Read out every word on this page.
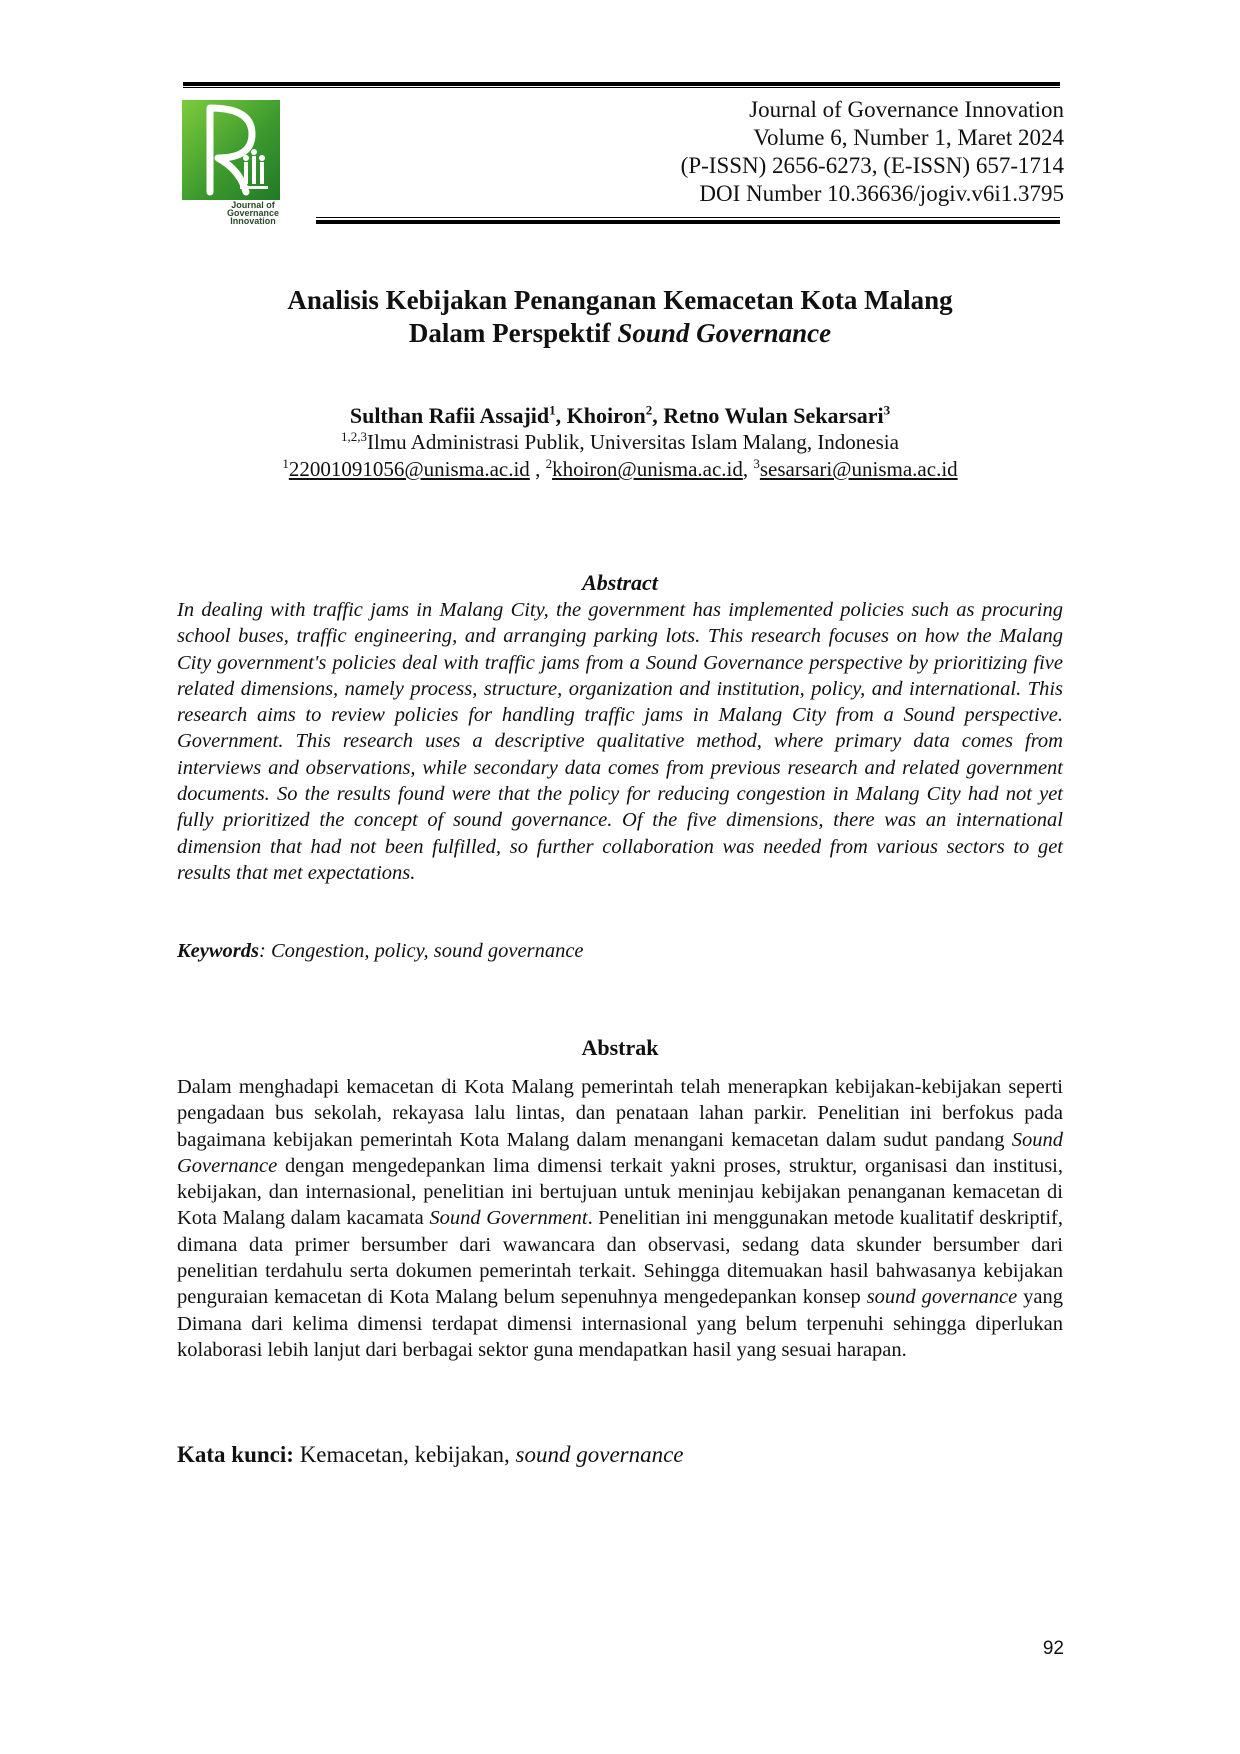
Journal of
Governance
Innovation
Journal of Governance Innovation
Volume 6, Number 1, Maret 2024
(P-ISSN) 2656-6273, (E-ISSN) 657-1714
DOI Number 10.36636/jogiv.v6i1.3795
Analisis Kebijakan Penanganan Kemacetan Kota Malang
Dalam Perspektif Sound Governance
Sulthan Rafii Assajid$^1$, Khoiron$^2$, Retno Wulan Sekarsari$^3$
$^{1,2,3}$Ilmu Administrasi Publik, Universitas Islam Malang, Indonesia
$^1$22001091056@unisma.ac.id , $^2$khoiron@unisma.ac.id, $^3$sesarsari@unisma.ac.id
Abstract
In dealing with traffic jams in Malang City, the government has implemented policies such as procuring school buses, traffic engineering, and arranging parking lots. This research focuses on how the Malang City government's policies deal with traffic jams from a Sound Governance perspective by prioritizing five related dimensions, namely process, structure, organization and institution, policy, and international. This research aims to review policies for handling traffic jams in Malang City from a Sound perspective. Government. This research uses a descriptive qualitative method, where primary data comes from interviews and observations, while secondary data comes from previous research and related government documents. So the results found were that the policy for reducing congestion in Malang City had not yet fully prioritized the concept of sound governance. Of the five dimensions, there was an international dimension that had not been fulfilled, so further collaboration was needed from various sectors to get results that met expectations.
Keywords: Congestion, policy, sound governance
Abstrak
Dalam menghadapi kemacetan di Kota Malang pemerintah telah menerapkan kebijakan-kebijakan seperti pengadaan bus sekolah, rekayasa lalu lintas, dan penataan lahan parkir. Penelitian ini berfokus pada bagaimana kebijakan pemerintah Kota Malang dalam menangani kemacetan dalam sudut pandang Sound Governance dengan mengedepankan lima dimensi terkait yakni proses, struktur, organisasi dan institusi, kebijakan, dan internasional, penelitian ini bertujuan untuk meninjau kebijakan penanganan kemacetan di Kota Malang dalam kacamata Sound Government. Penelitian ini menggunakan metode kualitatif deskriptif, dimana data primer bersumber dari wawancara dan observasi, sedang data skunder bersumber dari penelitian terdahulu serta dokumen pemerintah terkait. Sehingga ditemuakan hasil bahwasanya kebijakan penguraian kemacetan di Kota Malang belum sepenuhnya mengedepankan konsep sound governance yang Dimana dari kelima dimensi terdapat dimensi internasional yang belum terpenuhi sehingga diperlukan kolaborasi lebih lanjut dari berbagai sektor guna mendapatkan hasil yang sesuai harapan.
Kata kunci: Kemacetan, kebijakan, sound governance
92
